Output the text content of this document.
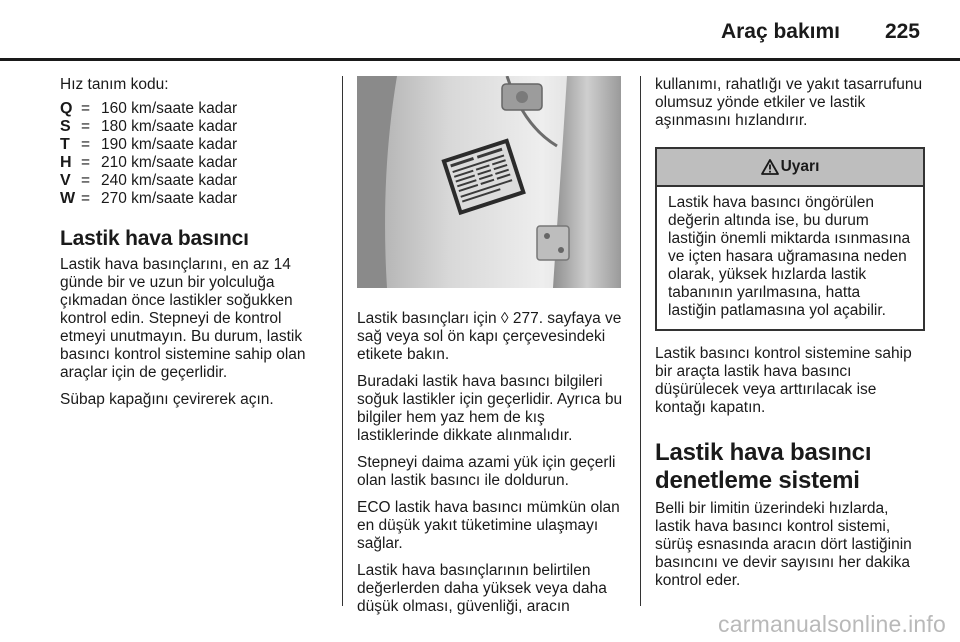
Araç bakımı 225
Hız tanım kodu:
Q = 160 km/saate kadar
S = 180 km/saate kadar
T = 190 km/saate kadar
H = 210 km/saate kadar
V = 240 km/saate kadar
W = 270 km/saate kadar
Lastik hava basıncı

Lastik hava basınçlarını, en az 14 günde bir ve uzun bir yolculuğa çıkmadan önce lastikler soğukken kontrol edin. Stepneyi de kontrol etmeyi unutmayın. Bu durum, lastik basıncı kontrol sistemine sahip olan araçlar için de geçerlidir.

Sübap kapağını çevirerek açın.

Lastik basınçları için ◊ 277. sayfaya ve sağ veya sol ön kapı çerçevesindeki etikete bakın.

Buradaki lastik hava basıncı bilgileri soğuk lastikler için geçerlidir. Ayrıca bu bilgiler hem yaz hem de kış lastiklerinde dikkate alınmalıdır.

Stepneyi daima azami yük için geçerli olan lastik basıncı ile doldurun.

ECO lastik hava basıncı mümkün olan en düşük yakıt tüketimine ulaşmayı sağlar.

Lastik hava basınçlarının belirtilen değerlerden daha yüksek veya daha düşük olması, güvenliği, aracın

kullanımı, rahatlığı ve yakıt tasarrufunu olumsuz yönde etkiler ve lastik aşınmasını hızlandırır.

Uyarı
Lastik hava basıncı öngörülen değerin altında ise, bu durum lastiğin önemli miktarda ısınmasına ve içten hasara uğramasına neden olarak, yüksek hızlarda lastik tabanının yarılmasına, hatta lastiğin patlamasına yol açabilir.

Lastik basıncı kontrol sistemine sahip bir araçta lastik hava basıncı düşürülecek veya arttırılacak ise kontağı kapatın.

Lastik hava basıncı denetleme sistemi

Belli bir limitin üzerindeki hızlarda, lastik hava basıncı kontrol sistemi, sürüş esnasında aracın dört lastiğinin basıncını ve devir sayısını her dakika kontrol eder.

carmanualsonline.info
